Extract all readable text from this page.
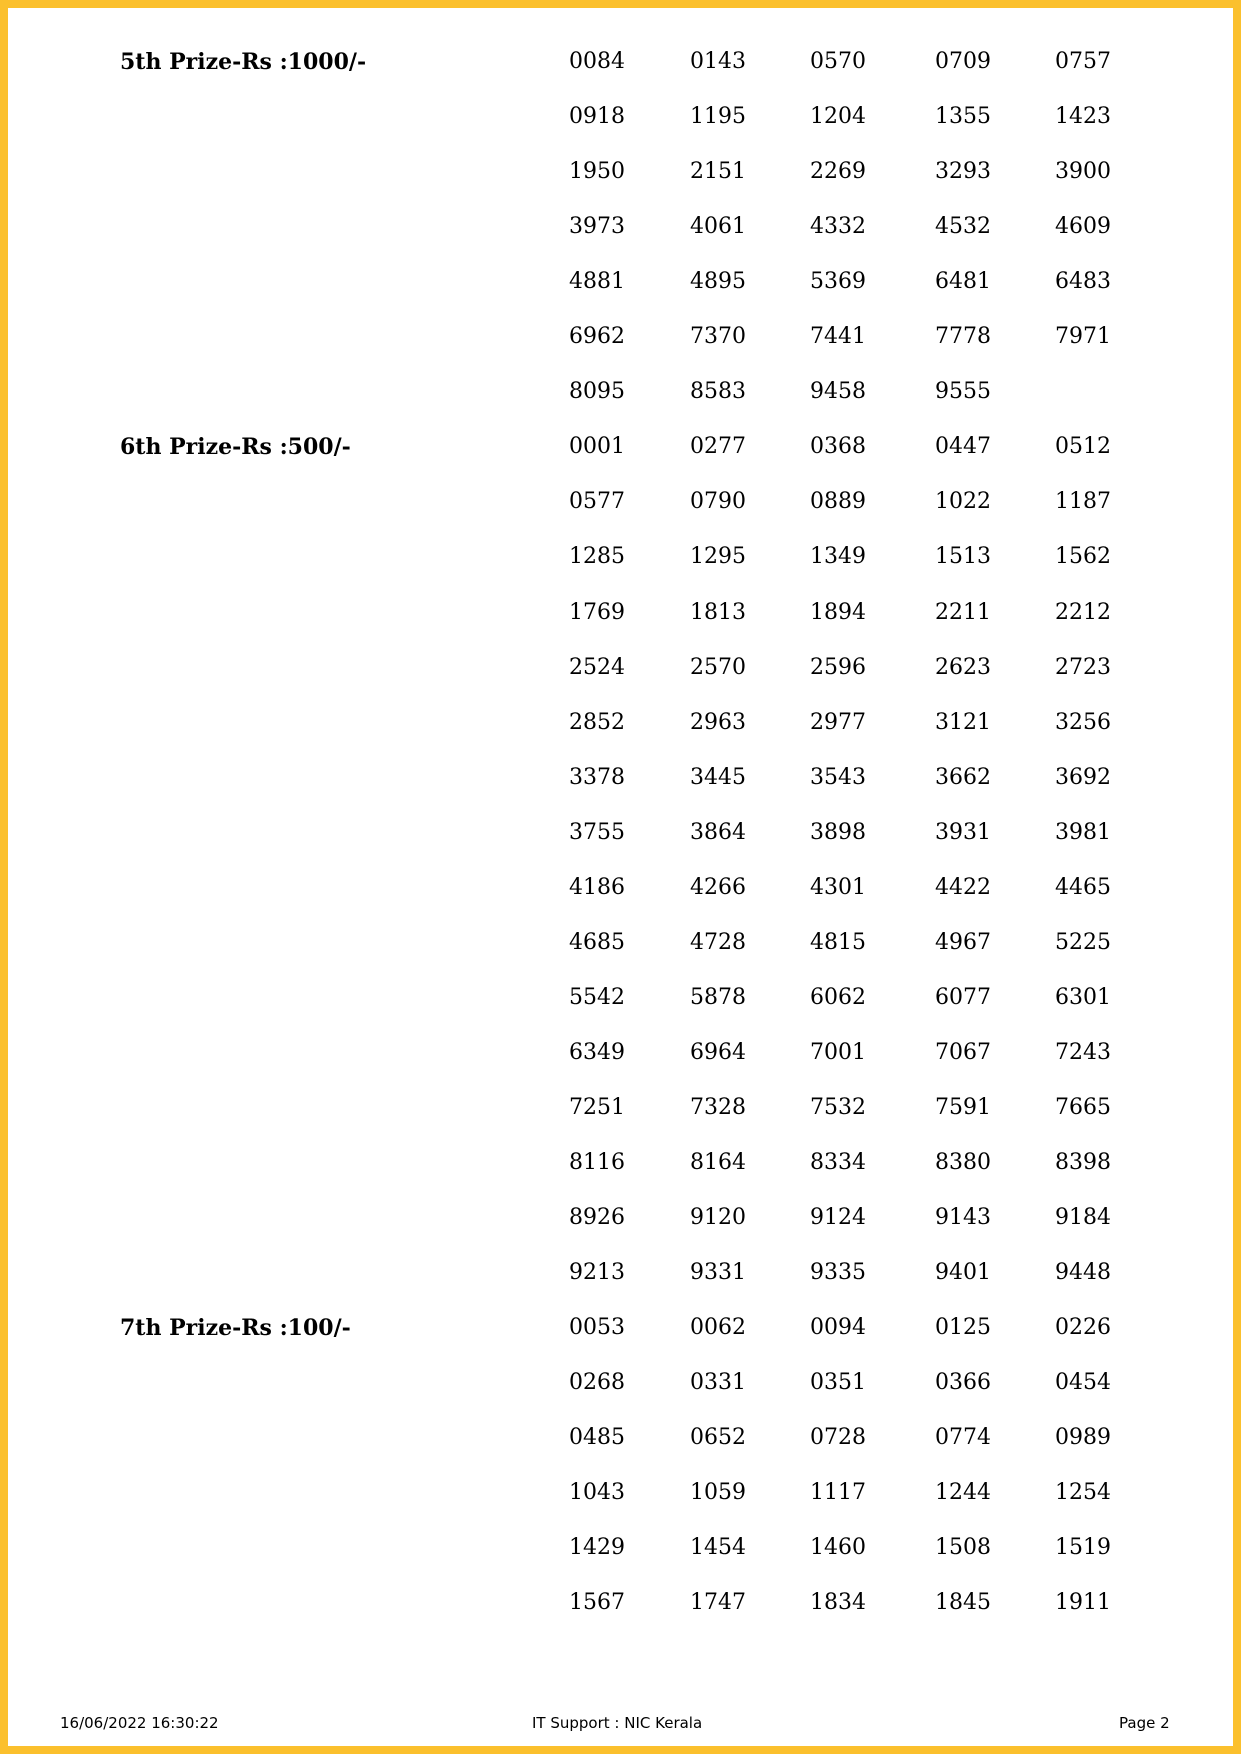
5th Prize-Rs :1000/-	0084	0143	0570	0709	0757
0918	1195	1204	1355	1423
1950	2151	2269	3293	3900
3973	4061	4332	4532	4609
4881	4895	5369	6481	6483
6962	7370	7441	7778	7971
8095	8583	9458	9555
6th Prize-Rs :500/-	0001	0277	0368	0447	0512
0577	0790	0889	1022	1187
1285	1295	1349	1513	1562
1769	1813	1894	2211	2212
2524	2570	2596	2623	2723
2852	2963	2977	3121	3256
3378	3445	3543	3662	3692
3755	3864	3898	3931	3981
4186	4266	4301	4422	4465
4685	4728	4815	4967	5225
5542	5878	6062	6077	6301
6349	6964	7001	7067	7243
7251	7328	7532	7591	7665
8116	8164	8334	8380	8398
8926	9120	9124	9143	9184
9213	9331	9335	9401	9448
7th Prize-Rs :100/-	0053	0062	0094	0125	0226
0268	0331	0351	0366	0454
0485	0652	0728	0774	0989
1043	1059	1117	1244	1254
1429	1454	1460	1508	1519
1567	1747	1834	1845	1911
16/06/2022 16:30:22	IT Support : NIC Kerala	Page 2
